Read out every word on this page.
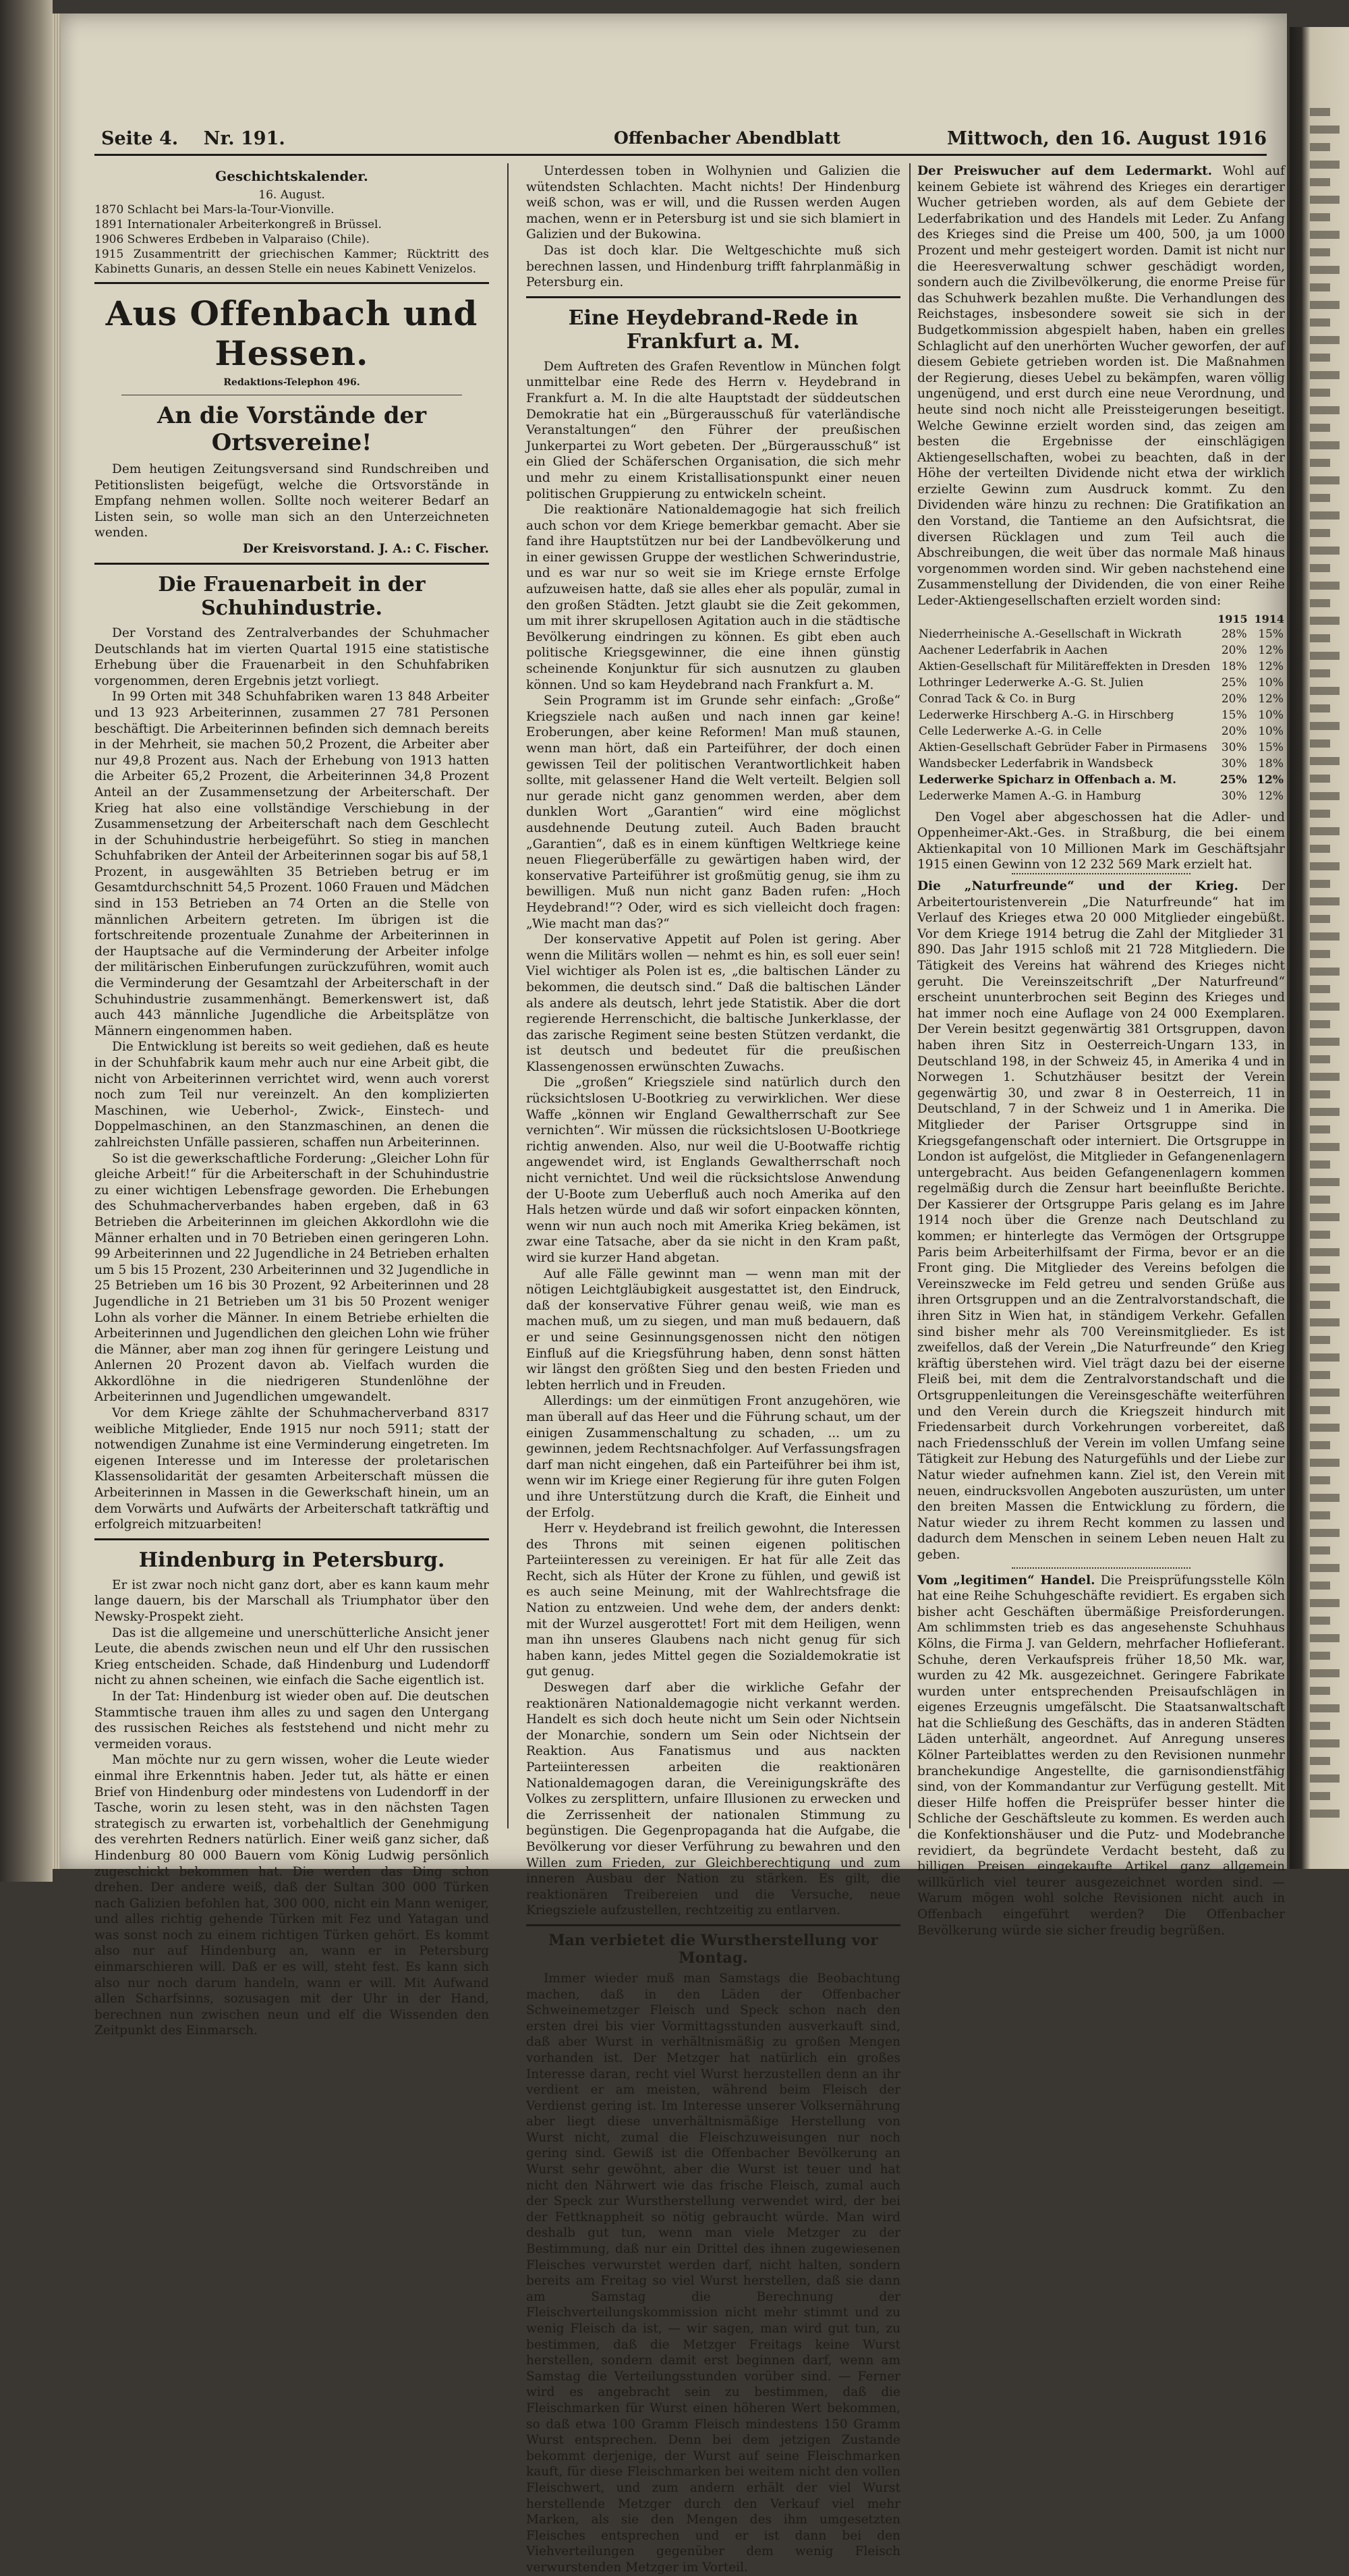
Seite 4. Nr. 191.	Offenbacher Abendblatt	Mittwoch, den 16. August 1916
Geschichtskalender.
16. August.
1870 Schlacht bei Mars-la-Tour-Vionville.
1891 Internationaler Arbeiterkongreß in Brüssel.
1906 Schweres Erdbeben in Valparaiso (Chile).
1915 Zusammentritt der griechischen Kammer; Rücktritt des Kabinetts Gunaris, an dessen Stelle ein neues Kabinett Venizelos.
Aus Offenbach und Hessen.
Redaktions-Telephon 496.
An die Vorstände der Ortsvereine!

Dem heutigen Zeitungsversand sind Rundschreiben und Petitionslisten beigefügt, welche die Ortsvorstände in Empfang nehmen wollen. Sollte noch weiterer Bedarf an Listen sein, so wolle man sich an den Unterzeichneten wenden.

Der Kreisvorstand. J. A.: C. Fischer.
Die Frauenarbeit in der Schuhindustrie.

Der Vorstand des Zentralverbandes der Schuhmacher Deutschlands hat im vierten Quartal 1915 eine statistische Erhebung über die Frauenarbeit in den Schuhfabriken vorgenommen, deren Ergebnis jetzt vorliegt.

In 99 Orten mit 348 Schuhfabriken waren 13 848 Arbeiter und 13 923 Arbeiterinnen, zusammen 27 781 Personen beschäftigt. Die Arbeiterinnen befinden sich demnach bereits in der Mehrheit, sie machen 50,2 Prozent, die Arbeiter aber nur 49,8 Prozent aus. Nach der Erhebung von 1913 hatten die Arbeiter 65,2 Prozent, die Arbeiterinnen 34,8 Prozent Anteil an der Zusammensetzung der Arbeiterschaft. Der Krieg hat also eine vollständige Verschiebung in der Zusammensetzung der Arbeiterschaft nach dem Geschlecht in der Schuhindustrie herbeigeführt. So stieg in manchen Schuhfabriken der Anteil der Arbeiterinnen sogar bis auf 58,1 Prozent, in ausgewählten 35 Betrieben betrug er im Gesamtdurchschnitt 54,5 Prozent. 1060 Frauen und Mädchen sind in 153 Betrieben an 74 Orten an die Stelle von männlichen Arbeitern getreten. Im übrigen ist die fortschreitende prozentuale Zunahme der Arbeiterinnen in der Hauptsache auf die Verminderung der Arbeiter infolge der militärischen Einberufungen zurückzuführen, womit auch die Verminderung der Gesamtzahl der Arbeiterschaft in der Schuhindustrie zusammenhängt. Bemerkenswert ist, daß auch 443 männliche Jugendliche die Arbeitsplätze von Männern eingenommen haben.

Die Entwicklung ist bereits so weit gediehen, daß es heute in der Schuhfabrik kaum mehr auch nur eine Arbeit gibt, die nicht von Arbeiterinnen verrichtet wird, wenn auch vorerst noch zum Teil nur vereinzelt. An den komplizierten Maschinen, wie Ueberhol-, Zwick-, Einstech- und Doppelmaschinen, an den Stanzmaschinen, an denen die zahlreichsten Unfälle passieren, schaffen nun Arbeiterinnen.

So ist die gewerkschaftliche Forderung: „Gleicher Lohn für gleiche Arbeit!“ für die Arbeiterschaft in der Schuhindustrie zu einer wichtigen Lebensfrage geworden. Die Erhebungen des Schuhmacherverbandes haben ergeben, daß in 63 Betrieben die Arbeiterinnen im gleichen Akkordlohn wie die Männer erhalten und in 70 Betrieben einen geringeren Lohn. 99 Arbeiterinnen und 22 Jugendliche in 24 Betrieben erhalten um 5 bis 15 Prozent, 230 Arbeiterinnen und 32 Jugendliche in 25 Betrieben um 16 bis 30 Prozent, 92 Arbeiterinnen und 28 Jugendliche in 21 Betrieben um 31 bis 50 Prozent weniger Lohn als vorher die Männer. In einem Betriebe erhielten die Arbeiterinnen und Jugendlichen den gleichen Lohn wie früher die Männer, aber man zog ihnen für geringere Leistung und Anlernen 20 Prozent davon ab. Vielfach wurden die Akkordlöhne in die niedrigeren Stundenlöhne der Arbeiterinnen und Jugendlichen umgewandelt.

Vor dem Kriege zählte der Schuhmacherverband 8317 weibliche Mitglieder, Ende 1915 nur noch 5911; statt der notwendigen Zunahme ist eine Verminderung eingetreten. Im eigenen Interesse und im Interesse der proletarischen Klassensolidarität der gesamten Arbeiterschaft müssen die Arbeiterinnen in Massen in die Gewerkschaft hinein, um an dem Vorwärts und Aufwärts der Arbeiterschaft tatkräftig und erfolgreich mitzuarbeiten!

Hindenburg in Petersburg.

Er ist zwar noch nicht ganz dort, aber es kann kaum mehr lange dauern, bis der Marschall als Triumphator über den Newsky-Prospekt zieht.

Das ist die allgemeine und unerschütterliche Ansicht jener Leute, die abends zwischen neun und elf Uhr den russischen Krieg entscheiden. Schade, daß Hindenburg und Ludendorff nicht zu ahnen scheinen, wie einfach die Sache eigentlich ist.

In der Tat: Hindenburg ist wieder oben auf. Die deutschen Stammtische trauen ihm alles zu und sagen den Untergang des russischen Reiches als feststehend und nicht mehr zu vermeiden voraus.

Man möchte nur zu gern wissen, woher die Leute wieder einmal ihre Erkenntnis haben. Jeder tut, als hätte er einen Brief von Hindenburg oder mindestens von Ludendorff in der Tasche, worin zu lesen steht, was in den nächsten Tagen strategisch zu erwarten ist, vorbehaltlich der Genehmigung des verehrten Redners natürlich. Einer weiß ganz sicher, daß Hindenburg 80 000 Bauern vom König Ludwig persönlich zugeschickt bekommen hat. Die werden das Ding schon drehen. Der andere weiß, daß der Sultan 300 000 Türken nach Galizien befohlen hat, 300 000, nicht ein Mann weniger, und alles richtig gehende Türken mit Fez und Yatagan und was sonst noch zu einem richtigen Türken gehört. Es kommt also nur auf Hindenburg an, wann er in Petersburg einmarschieren will. Daß er es will, steht fest. Es kann sich also nur noch darum handeln, wann er will. Mit Aufwand allen Scharfsinns, sozusagen mit der Uhr in der Hand, berechnen nun zwischen neun und elf die Wissenden den Zeitpunkt des Einmarsch.

Unterdessen toben in Wolhynien und Galizien die wütendsten Schlachten. Macht nichts! Der Hindenburg weiß schon, was er will, und die Russen werden Augen machen, wenn er in Petersburg ist und sie sich blamiert in Galizien und der Bukowina.

Das ist doch klar. Die Weltgeschichte muß sich berechnen lassen, und Hindenburg trifft fahrplanmäßig in Petersburg ein.

Eine Heydebrand-Rede in Frankfurt a. M.

Dem Auftreten des Grafen Reventlow in München folgt unmittelbar eine Rede des Herrn v. Heydebrand in Frankfurt a. M. In die alte Hauptstadt der süddeutschen Demokratie hat ein „Bürgerausschuß für vaterländische Veranstaltungen“ den Führer der preußischen Junkerpartei zu Wort gebeten. Der „Bürgerausschuß“ ist ein Glied der Schäferschen Organisation, die sich mehr und mehr zu einem Kristallisationspunkt einer neuen politischen Gruppierung zu entwickeln scheint.

Die reaktionäre Nationaldemagogie hat sich freilich auch schon vor dem Kriege bemerkbar gemacht. Aber sie fand ihre Hauptstützen nur bei der Landbevölkerung und in einer gewissen Gruppe der westlichen Schwerindustrie, und es war nur so weit sie im Kriege ernste Erfolge aufzuweisen hatte, daß sie alles eher als populär, zumal in den großen Städten. Jetzt glaubt sie die Zeit gekommen, um mit ihrer skrupellosen Agitation auch in die städtische Bevölkerung eindringen zu können. Es gibt eben auch politische Kriegsgewinner, die eine ihnen günstig scheinende Konjunktur für sich ausnutzen zu glauben können. Und so kam Heydebrand nach Frankfurt a. M.

Sein Programm ist im Grunde sehr einfach: „Große“ Kriegsziele nach außen und nach innen gar keine! Eroberungen, aber keine Reformen! Man muß staunen, wenn man hört, daß ein Parteiführer, der doch einen gewissen Teil der politischen Verantwortlichkeit haben sollte, mit gelassener Hand die Welt verteilt. Belgien soll nur gerade nicht ganz genommen werden, aber dem dunklen Wort „Garantien“ wird eine möglichst ausdehnende Deutung zuteil. Auch Baden braucht „Garantien“, daß es in einem künftigen Weltkriege keine neuen Fliegerüberfälle zu gewärtigen haben wird, der konservative Parteiführer ist großmütig genug, sie ihm zu bewilligen. Muß nun nicht ganz Baden rufen: „Hoch Heydebrand!“? Oder, wird es sich vielleicht doch fragen: „Wie macht man das?“

Der konservative Appetit auf Polen ist gering. Aber wenn die Militärs wollen — nehmt es hin, es soll euer sein! Viel wichtiger als Polen ist es, „die baltischen Länder zu bekommen, die deutsch sind.“ Daß die baltischen Länder als andere als deutsch, lehrt jede Statistik. Aber die dort regierende Herrenschicht, die baltische Junkerklasse, der das zarische Regiment seine besten Stützen verdankt, die ist deutsch und bedeutet für die preußischen Klassengenossen erwünschten Zuwachs.

Die „großen“ Kriegsziele sind natürlich durch den rücksichtslosen U-Bootkrieg zu verwirklichen. Wer diese Waffe „können wir England Gewaltherrschaft zur See vernichten“. Wir müssen die rücksichtslosen U-Bootkriege richtig anwenden. Also, nur weil die U-Bootwaffe richtig angewendet wird, ist Englands Gewaltherrschaft noch nicht vernichtet. Und weil die rücksichtslose Anwendung der U-Boote zum Ueberfluß auch noch Amerika auf den Hals hetzen würde und daß wir sofort einpacken könnten, wenn wir nun auch noch mit Amerika Krieg bekämen, ist zwar eine Tatsache, aber da sie nicht in den Kram paßt, wird sie kurzer Hand abgetan.

Auf alle Fälle gewinnt man — wenn man mit der nötigen Leichtgläubigkeit ausgestattet ist, den Eindruck, daß der konservative Führer genau weiß, wie man es machen muß, um zu siegen, und man muß bedauern, daß er und seine Gesinnungsgenossen nicht den nötigen Einfluß auf die Kriegsführung haben, denn sonst hätten wir längst den größten Sieg und den besten Frieden und lebten herrlich und in Freuden.

Allerdings: um der einmütigen Front anzugehören, wie man überall auf das Heer und die Führung schaut, um der einigen Zusammenschaltung zu schaden, ... um zu gewinnen, jedem Rechtsnachfolger. Auf Verfassungsfragen darf man nicht eingehen, daß ein Parteiführer bei ihm ist, wenn wir im Kriege einer Regierung für ihre guten Folgen und ihre Unterstützung durch die Kraft, die Einheit und der Erfolg.

Herr v. Heydebrand ist freilich gewohnt, die Interessen des Throns mit seinen eigenen politischen Parteiinteressen zu vereinigen. Er hat für alle Zeit das Recht, sich als Hüter der Krone zu fühlen, und gewiß ist es auch seine Meinung, mit der Wahlrechtsfrage die Nation zu entzweien. Und wehe dem, der anders denkt: mit der Wurzel ausgerottet! Fort mit dem Heiligen, wenn man ihn unseres Glaubens nach nicht genug für sich haben kann, jedes Mittel gegen die Sozialdemokratie ist gut genug.

Deswegen darf aber die wirkliche Gefahr der reaktionären Nationaldemagogie nicht verkannt werden. Handelt es sich doch heute nicht um Sein oder Nichtsein der Monarchie, sondern um Sein oder Nichtsein der Reaktion. Aus Fanatismus und aus nackten Parteiinteressen arbeiten die reaktionären Nationaldemagogen daran, die Vereinigungskräfte des Volkes zu zersplittern, unfaire Illusionen zu erwecken und die Zerrissenheit der nationalen Stimmung zu begünstigen. Die Gegenpropaganda hat die Aufgabe, die Bevölkerung vor dieser Verführung zu bewahren und den Willen zum Frieden, zur Gleichberechtigung und zum inneren Ausbau der Nation zu stärken. Es gilt, die reaktionären Treibereien und die Versuche, neue Kriegsziele aufzustellen, rechtzeitig zu entlarven.

Man verbietet die Wurstherstellung vor Montag.

Immer wieder muß man Samstags die Beobachtung machen, daß in den Läden der Offenbacher Schweinemetzger Fleisch und Speck schon nach den ersten drei bis vier Vormittagsstunden ausverkauft sind, daß aber Wurst in verhältnismäßig zu großen Mengen vorhanden ist. Der Metzger hat natürlich ein großes Interesse daran, recht viel Wurst herzustellen denn an ihr verdient er am meisten, während beim Fleisch der Verdienst gering ist. Im Interesse unserer Volksernährung aber liegt diese unverhältnismäßige Herstellung von Wurst nicht, zumal die Fleischzuweisungen nur noch gering sind. Gewiß ist die Offenbacher Bevölkerung an Wurst sehr gewöhnt, aber die Wurst ist teuer und hat nicht den Nährwert wie das frische Fleisch, zumal auch der Speck zur Wurstherstellung verwendet wird, der bei der Fettknappheit so nötig gebraucht würde. Man wird deshalb gut tun, wenn man viele Metzger zu der Bestimmung, daß nur ein Drittel des ihnen zugewiesenen Fleisches verwurstet werden darf, nicht halten, sondern bereits am Freitag so viel Wurst herstellen, daß sie dann am Samstag die Berechnung der Fleischverteilungskommission nicht mehr stimmt und zu wenig Fleisch da ist, — wir sagen, man wird gut tun, zu bestimmen, daß die Metzger Freitags keine Wurst herstellen, sondern damit erst beginnen darf, wenn am Samstag die Verteilungsstunden vorüber sind. — Ferner wird es angebracht sein zu bestimmen, daß die Fleischmarken für Wurst einen höheren Wert bekommen, so daß etwa 100 Gramm Fleisch mindestens 150 Gramm Wurst entsprechen. Denn bei dem jetzigen Zustande bekommt derjenige, der Wurst auf seine Fleischmarken kauft, für diese Fleischmarken bei weitem nicht den vollen Fleischwert, und zum andern erhält der viel Wurst herstellende Metzger durch den Verkauf viel mehr Marken, als sie den Mengen des ihm umgesetzten Fleisches entsprechen und er ist dann bei den Viehverteilungen gegenüber dem wenig Fleisch verwurstenden Metzger im Vorteil.

Der Preiswucher auf dem Ledermarkt. Wohl auf keinem Gebiete ist während des Krieges ein derartiger Wucher getrieben worden, als auf dem Gebiete der Lederfabrikation und des Handels mit Leder. Zu Anfang des Krieges sind die Preise um 400, 500, ja um 1000 Prozent und mehr gesteigert worden. Damit ist nicht nur die Heeresverwaltung schwer geschädigt worden, sondern auch die Zivilbevölkerung, die enorme Preise für das Schuhwerk bezahlen mußte. Die Verhandlungen des Reichstages, insbesondere soweit sie sich in der Budgetkommission abgespielt haben, haben ein grelles Schlaglicht auf den unerhörten Wucher geworfen, der auf diesem Gebiete getrieben worden ist. Die Maßnahmen der Regierung, dieses Uebel zu bekämpfen, waren völlig ungenügend, und erst durch eine neue Verordnung, und heute sind noch nicht alle Preissteigerungen beseitigt. Welche Gewinne erzielt worden sind, das zeigen am besten die Ergebnisse der einschlägigen Aktiengesellschaften, wobei zu beachten, daß in der Höhe der verteilten Dividende nicht etwa der wirklich erzielte Gewinn zum Ausdruck kommt. Zu den Dividenden wäre hinzu zu rechnen: Die Gratifikation an den Vorstand, die Tantieme an den Aufsichtsrat, die diversen Rücklagen und zum Teil auch die Abschreibungen, die weit über das normale Maß hinaus vorgenommen worden sind. Wir geben nachstehend eine Zusammenstellung der Dividenden, die von einer Reihe Leder-Aktiengesellschaften erzielt worden sind:

	1915	1914
Niederrheinische A.-Gesellschaft in Wickrath	28%	15%
Aachener Lederfabrik in Aachen	20%	12%
Aktien-Gesellschaft für Militäreffekten in Dresden	18%	12%
Lothringer Lederwerke A.-G. St. Julien	25%	10%
Conrad Tack & Co. in Burg	20%	12%
Lederwerke Hirschberg A.-G. in Hirschberg	15%	10%
Celle Lederwerke A.-G. in Celle	20%	10%
Aktien-Gesellschaft Gebrüder Faber in Pirmasens	30%	15%
Wandsbecker Lederfabrik in Wandsbeck	30%	18%
Lederwerke Spicharz in Offenbach a. M.	25%	12%
Lederwerke Mamen A.-G. in Hamburg	30%	12%

Den Vogel aber abgeschossen hat die Adler- und Oppenheimer-Akt.-Ges. in Straßburg, die bei einem Aktienkapital von 10 Millionen Mark im Geschäftsjahr 1915 einen Gewinn von 12 232 569 Mark erzielt hat.

Die „Naturfreunde“ und der Krieg. Der Arbeitertouristenverein „Die Naturfreunde“ hat im Verlauf des Krieges etwa 20 000 Mitglieder eingebüßt. Vor dem Kriege 1914 betrug die Zahl der Mitglieder 31 890. Das Jahr 1915 schloß mit 21 728 Mitgliedern. Die Tätigkeit des Vereins hat während des Krieges nicht geruht. Die Vereinszeitschrift „Der Naturfreund“ erscheint ununterbrochen seit Beginn des Krieges und hat immer noch eine Auflage von 24 000 Exemplaren. Der Verein besitzt gegenwärtig 381 Ortsgruppen, davon haben ihren Sitz in Oesterreich-Ungarn 133, in Deutschland 198, in der Schweiz 45, in Amerika 4 und in Norwegen 1. Schutzhäuser besitzt der Verein gegenwärtig 30, und zwar 8 in Oesterreich, 11 in Deutschland, 7 in der Schweiz und 1 in Amerika. Die Mitglieder der Pariser Ortsgruppe sind in Kriegsgefangenschaft oder interniert. Die Ortsgruppe in London ist aufgelöst, die Mitglieder in Gefangenenlagern untergebracht. Aus beiden Gefangenenlagern kommen regelmäßig durch die Zensur hart beeinflußte Berichte. Der Kassierer der Ortsgruppe Paris gelang es im Jahre 1914 noch über die Grenze nach Deutschland zu kommen; er hinterlegte das Vermögen der Ortsgruppe Paris beim Arbeiterhilfsamt der Firma, bevor er an die Front ging. Die Mitglieder des Vereins befolgen die Vereinszwecke im Feld getreu und senden Grüße aus ihren Ortsgruppen und an die Zentralvorstandschaft, die ihren Sitz in Wien hat, in ständigem Verkehr. Gefallen sind bisher mehr als 700 Vereinsmitglieder. Es ist zweifellos, daß der Verein „Die Naturfreunde“ den Krieg kräftig überstehen wird. Viel trägt dazu bei der eiserne Fleiß bei, mit dem die Zentralvorstandschaft und die Ortsgruppenleitungen die Vereinsgeschäfte weiterführen und den Verein durch die Kriegszeit hindurch mit Friedensarbeit durch Vorkehrungen vorbereitet, daß nach Friedensschluß der Verein im vollen Umfang seine Tätigkeit zur Hebung des Naturgefühls und der Liebe zur Natur wieder aufnehmen kann. Ziel ist, den Verein mit neuen, eindrucksvollen Angeboten auszurüsten, um unter den breiten Massen die Entwicklung zu fördern, die Natur wieder zu ihrem Recht kommen zu lassen und dadurch dem Menschen in seinem Leben neuen Halt zu geben.

Vom „legitimen“ Handel. Die Preisprüfungsstelle Köln hat eine Reihe Schuhgeschäfte revidiert. Es ergaben sich bisher acht Geschäften übermäßige Preisforderungen. Am schlimmsten trieb es das angesehenste Schuhhaus Kölns, die Firma J. van Geldern, mehrfacher Hoflieferant. Schuhe, deren Verkaufspreis früher 18,50 Mk. war, wurden zu 42 Mk. ausgezeichnet. Geringere Fabrikate wurden unter entsprechenden Preisaufschlägen in eigenes Erzeugnis umgefälscht. Die Staatsanwaltschaft hat die Schließung des Geschäfts, das in anderen Städten Läden unterhält, angeordnet. Auf Anregung unseres Kölner Parteiblattes werden zu den Revisionen nunmehr branchekundige Angestellte, die garnisondienstfähig sind, von der Kommandantur zur Verfügung gestellt. Mit dieser Hilfe hoffen die Preisprüfer besser hinter die Schliche der Geschäftsleute zu kommen. Es werden auch die Konfektionshäuser und die Putz- und Modebranche revidiert, da begründete Verdacht besteht, daß zu billigen Preisen eingekaufte Artikel ganz allgemein willkürlich viel teurer ausgezeichnet worden sind. — Warum mögen wohl solche Revisionen nicht auch in Offenbach eingeführt werden? Die Offenbacher Bevölkerung würde sie sicher freudig begrüßen.
